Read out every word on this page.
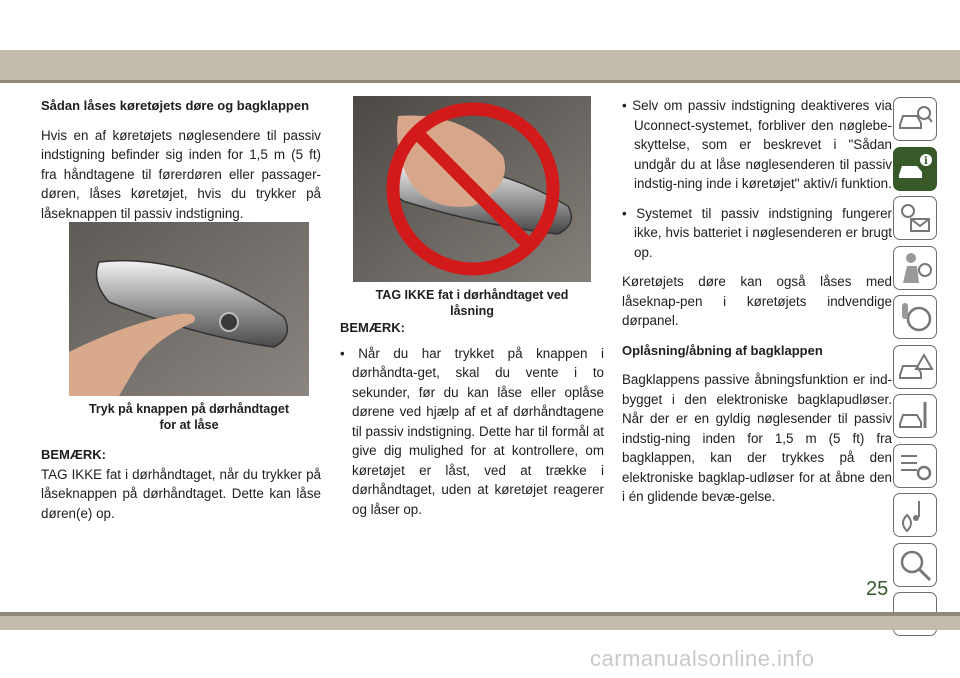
Sådan låses køretøjets døre og bagklappen

Hvis en af køretøjets nøglesendere til passiv indstigning befinder sig inden for 1,5 m (5 ft) fra håndtagene til førerdøren eller passager-døren, låses køretøjet, hvis du trykker på låseknappen til passiv indstigning.

Tryk på knappen på dørhåndtaget
for at låse
BEMÆRK:

TAG IKKE fat i dørhåndtaget, når du trykker på låseknappen på dørhåndtaget. Dette kan låse døren(e) op.

TAG IKKE fat i dørhåndtaget ved låsning
BEMÆRK:

• Når du har trykket på knappen i dørhåndta-get, skal du vente i to sekunder, før du kan låse eller oplåse dørene ved hjælp af et af dørhåndtagene til passiv indstigning. Dette har til formål at give dig mulighed for at kontrollere, om køretøjet er låst, ved at trække i dørhåndtaget, uden at køretøjet reagerer og låser op.

• Selv om passiv indstigning deaktiveres via Uconnect-systemet, forbliver den nøglebe-skyttelse, som er beskrevet i "Sådan undgår du at låse nøglesenderen til passiv indstig-ning inde i køretøjet" aktiv/i funktion.

• Systemet til passiv indstigning fungerer ikke, hvis batteriet i nøglesenderen er brugt op.

Køretøjets døre kan også låses med låseknap-pen i køretøjets indvendige dørpanel.

Oplåsning/åbning af bagklappen

Bagklappens passive åbningsfunktion er ind-bygget i den elektroniske bagklapudløser. Når der er en gyldig nøglesender til passiv indstig-ning inden for 1,5 m (5 ft) fra bagklappen, kan der trykkes på den elektroniske bagklap-udløser for at åbne den i én glidende bevæ-gelse.

i
25
carmanualsonline.info
